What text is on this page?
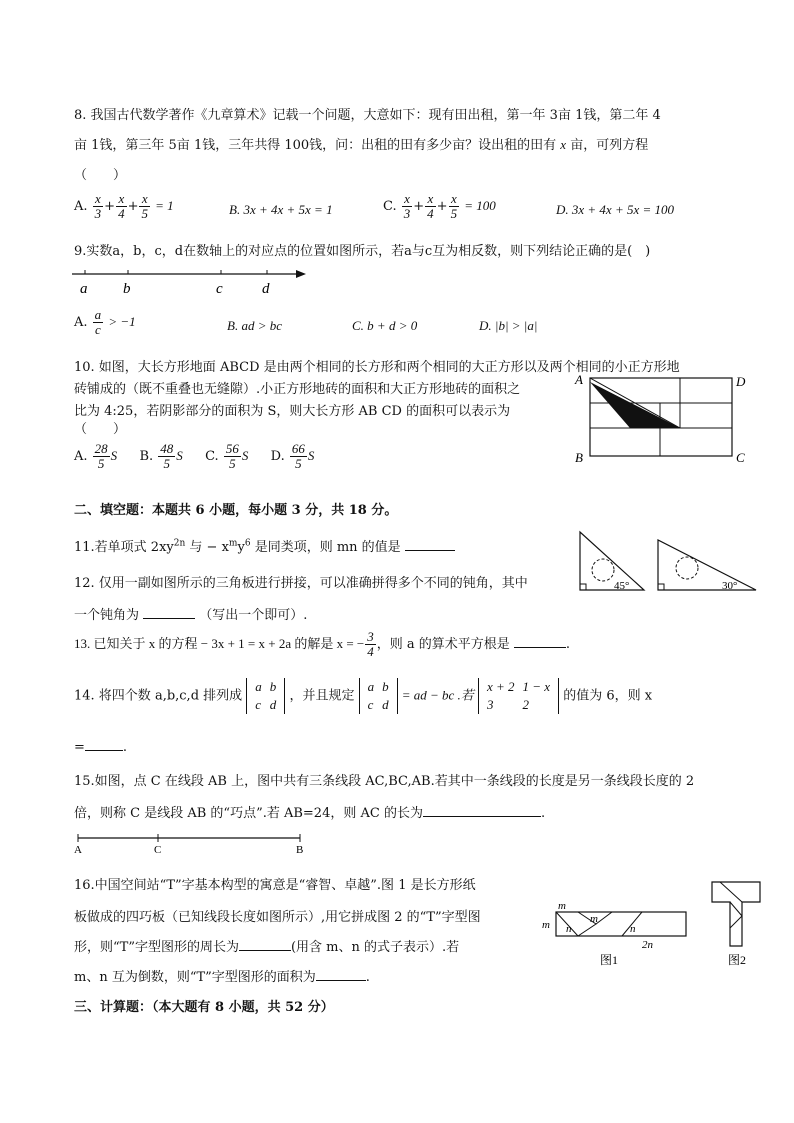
8. 我国古代数学著作《九章算术》记载一个问题，大意如下：现有田出租，第一年 3亩 1钱，第二年 4
亩 1钱，第三年 5亩 1钱，三年共得 100钱，问：出租的田有多少亩？设出租的田有 x 亩，可列方程
（　　）
A. $\frac{x}{3} + \frac{x}{4} + \frac{x}{5} = 1$	B. 3x + 4x + 5x = 1	C. $\frac{x}{3} + \frac{x}{4} + \frac{x}{5} = 100$	D. 3x + 4x + 5x = 100
9.实数a，b，c，d在数轴上的对应点的位置如图所示，若a与c互为相反数，则下列结论正确的是(　)
a b	c	d
A. $\frac{a}{c} > -1$	B. ad > bc	C. b + d > 0	D. |b| > |a|
10. 如图，大长方形地面 ABCD 是由两个相同的长方形和两个相同的大正方形以及两个相同的小正方形地
砖铺成的（既不重叠也无缝隙）.小正方形地砖的面积和大正方形地砖的面积之
比为 4:25，若阴影部分的面积为 S，则大长方形 AB CD 的面积可以表示为
（　　）
A. $\frac{28}{5}$ S B. $\frac{48}{5}$ S C. $\frac{56}{5}$ S D. $\frac{66}{5}$ S
A	D
B	C
二、填空题：本题共 6 小题，每小题 3 分，共 18 分。
11.若单项式 $2xy^{2n}$ 与 − $x^my^6$ 是同类项，则 mn 的值是
12. 仅用一副如图所示的三角板进行拼接，可以准确拼得多个不同的钝角，其中
一个钝角为	（写出一个即可）.
45°	30°
13. 已知关于 x 的方程 − 3x + 1 = x + 2a 的解是 x = − $\frac{3}{4}$ ，则 a 的算术平方根是	.
14. 将四个数 a,b,c,d 排列成
a	b
c	d
，并且规定
a	b
c	d
= ad − bc .若
x + 2	1 − x
3	2
的值为 6，则 x
=	.
15.如图，点 C 在线段 AB 上，图中共有三条线段 AC,BC,AB.若其中一条线段的长度是另一条线段长度的 2
倍，则称 C 是线段 AB 的“巧点”.若 AB=24，则 AC 的长为	.
A	C	B
16.中国空间站“T”字基本构型的寓意是“睿智、卓越”.图 1 是长方形纸
板做成的四巧板（已知线段长度如图所示）,用它拼成图 2 的“T”字型图
形，则“T”字型图形的周长为	(用含 m、n 的式子表示）.若
m、n 互为倒数，则“T”字型图形的面积为	.
m
m	m
n	n
2n
图1	图2
三、计算题：（本大题有 8 小题，共 52 分）
